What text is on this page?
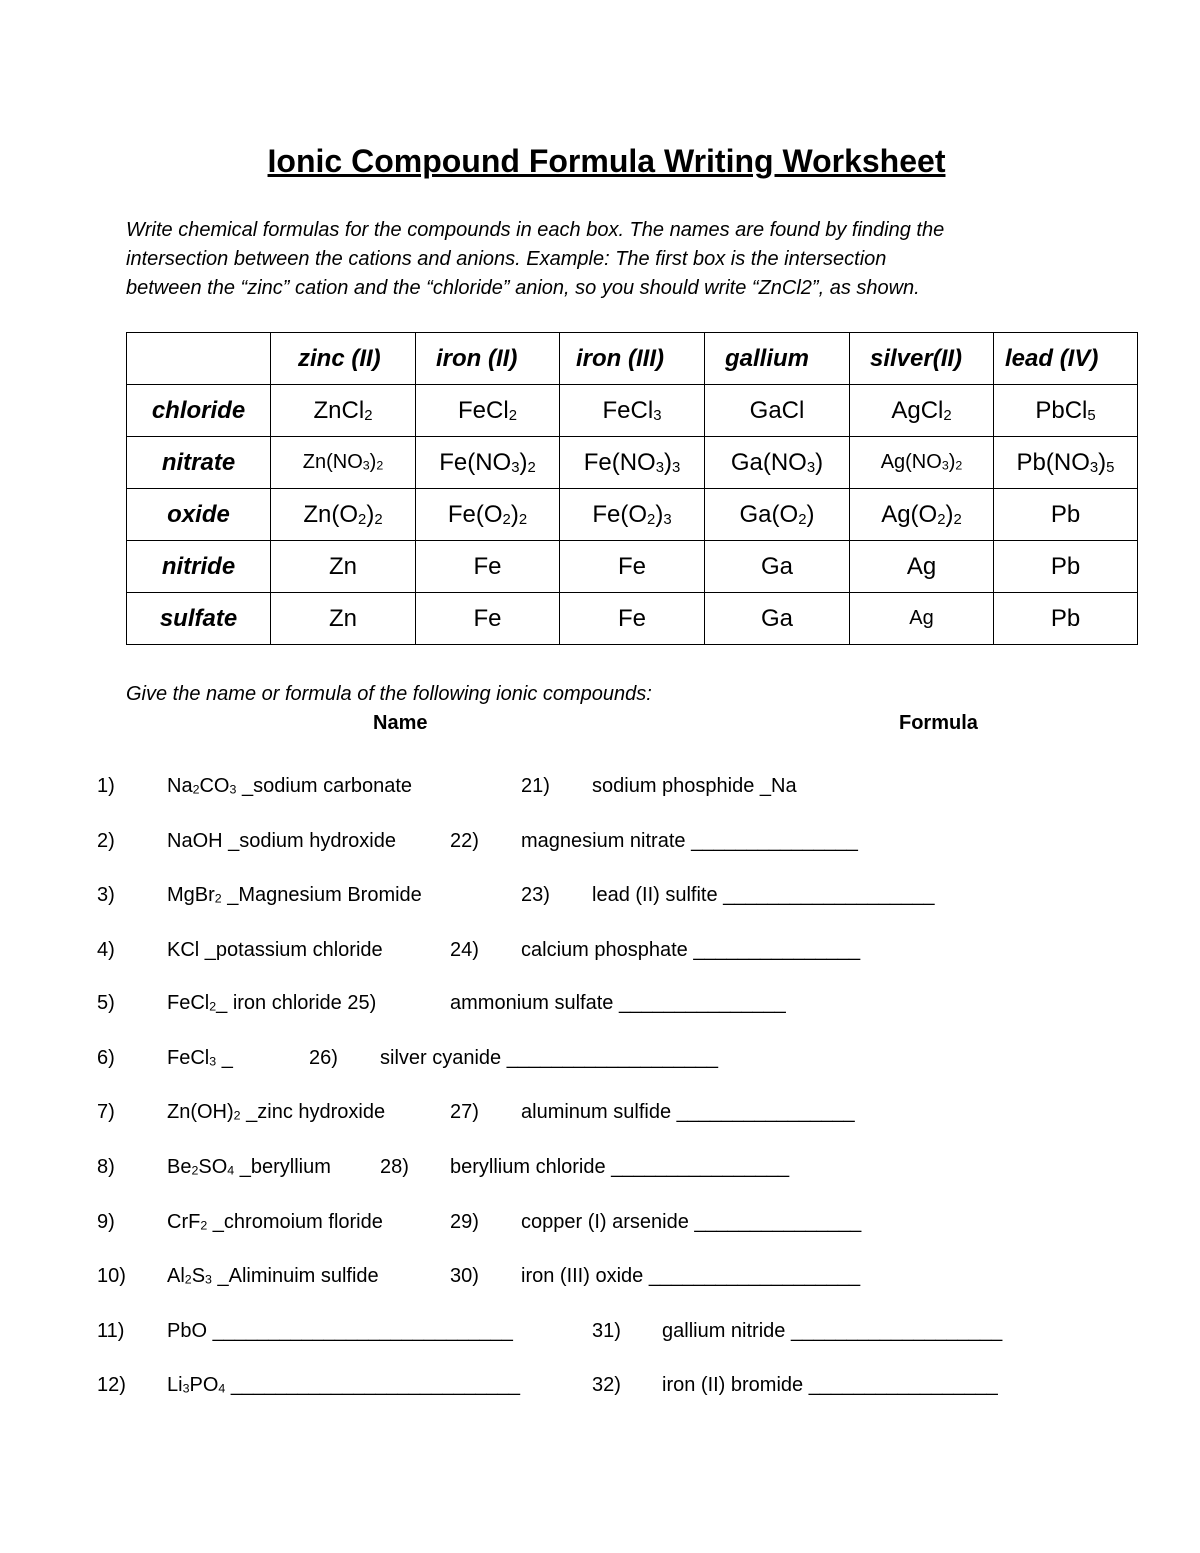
Ionic Compound Formula Writing Worksheet
Write chemical formulas for the compounds in each box. The names are found by finding the
intersection between the cations and anions. Example: The first box is the intersection
between the “zinc” cation and the “chloride” anion, so you should write “ZnCl2”, as shown.
	zinc (II)	iron (II)	iron (III)	gallium	silver(II)	lead (IV)
chloride	ZnCl2	FeCl2	FeCl3	GaCl	AgCl2	PbCl5
nitrate	Zn(NO3)2	Fe(NO3)2	Fe(NO3)3	Ga(NO3)	Ag(NO3)2	Pb(NO3)5
oxide	Zn(O2)2	Fe(O2)2	Fe(O2)3	Ga(O2)	Ag(O2)2	Pb
nitride	Zn	Fe	Fe	Ga	Ag	Pb
sulfate	Zn	Fe	Fe	Ga	Ag	Pb
Give the name or formula of the following ionic compounds:
Name	Formula
1)	Na2CO3 _sodium carbonate	21) sodium phosphide _Na
2)	NaOH _sodium hydroxide	22) magnesium nitrate _______________
3)	MgBr2 _Magnesium Bromide	23) lead (II) sulfite ___________________
4)	KCl _potassium chloride	24) calcium phosphate _______________
5)	FeCl2_ iron chloride 25)	ammonium sulfate _______________
6)	FeCl3 _	26) silver cyanide ___________________
7)	Zn(OH)2 _zinc hydroxide	27) aluminum sulfide ________________
8)	Be2SO4 _beryllium 28) beryllium chloride ________________
9)	CrF2 _chromoium floride	29) copper (I) arsenide _______________
10) Al2S3 _Aliminuim sulfide	30) iron (III) oxide ___________________
11) PbO ___________________________	31) gallium nitride ___________________
12) Li3PO4 __________________________	32) iron (II) bromide _________________
